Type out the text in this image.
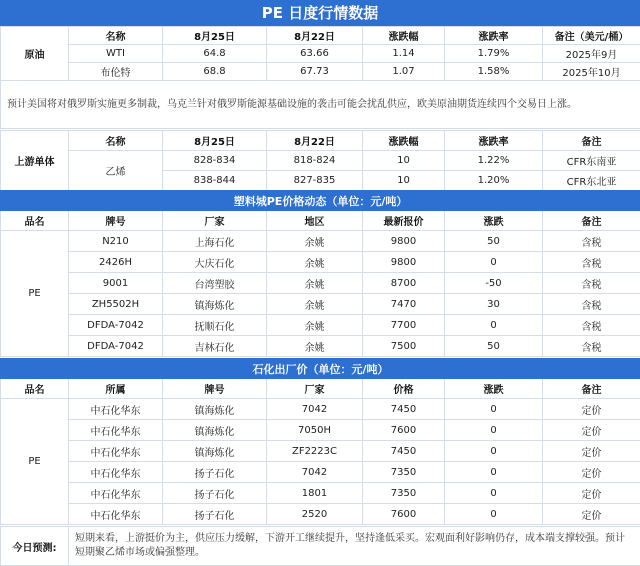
PE 日度行情数据
原油	名称	8月25日	8月22日	涨跌幅	涨跌率	备注（美元/桶）
	WTI	64.8	63.66	1.14	1.79%	2025年9月
	布伦特	68.8	67.73	1.07	1.58%	2025年10月
预计美国将对俄罗斯实施更多制裁，乌克兰针对俄罗斯能源基础设施的袭击可能会扰乱供应，欧美原油期货连续四个交易日上涨。						
上游单体	名称	8月25日	8月22日	涨跌幅	涨跌率	备注
	乙烯	828-834	818-824	10	1.22%	CFR东南亚
		838-844	827-835	10	1.20%	CFR东北亚
塑料城PE价格动态（单位：元/吨）						
品名	牌号	厂家	地区	最新报价	涨跌	备注
PE	N210	上海石化	余姚	9800	50	含税
	2426H	大庆石化	余姚	9800	0	含税
	9001	台湾塑胶	余姚	8700	-50	含税
	ZH5502H	镇海炼化	余姚	7470	30	含税
	DFDA-7042	抚顺石化	余姚	7700	0	含税
	DFDA-7042	吉林石化	余姚	7500	50	含税
石化出厂价（单位：元/吨）						
品名	所属	牌号	厂家	价格	涨跌	备注
PE	中石化华东	镇海炼化	7042	7450	0	定价
	中石化华东	镇海炼化	7050H	7600	0	定价
	中石化华东	镇海炼化	ZF2223C	7450	0	定价
	中石化华东	扬子石化	7042	7350	0	定价
	中石化华东	扬子石化	1801	7350	0	定价
	中石化华东	扬子石化	2520	7600	0	定价
今日预测:	短期来看，上游挺价为主，供应压力缓解，下游开工继续提升，坚持逢低采买。宏观面利好影响仍存，成本端支撑较强。预计短期聚乙烯市场或偏强整理。
